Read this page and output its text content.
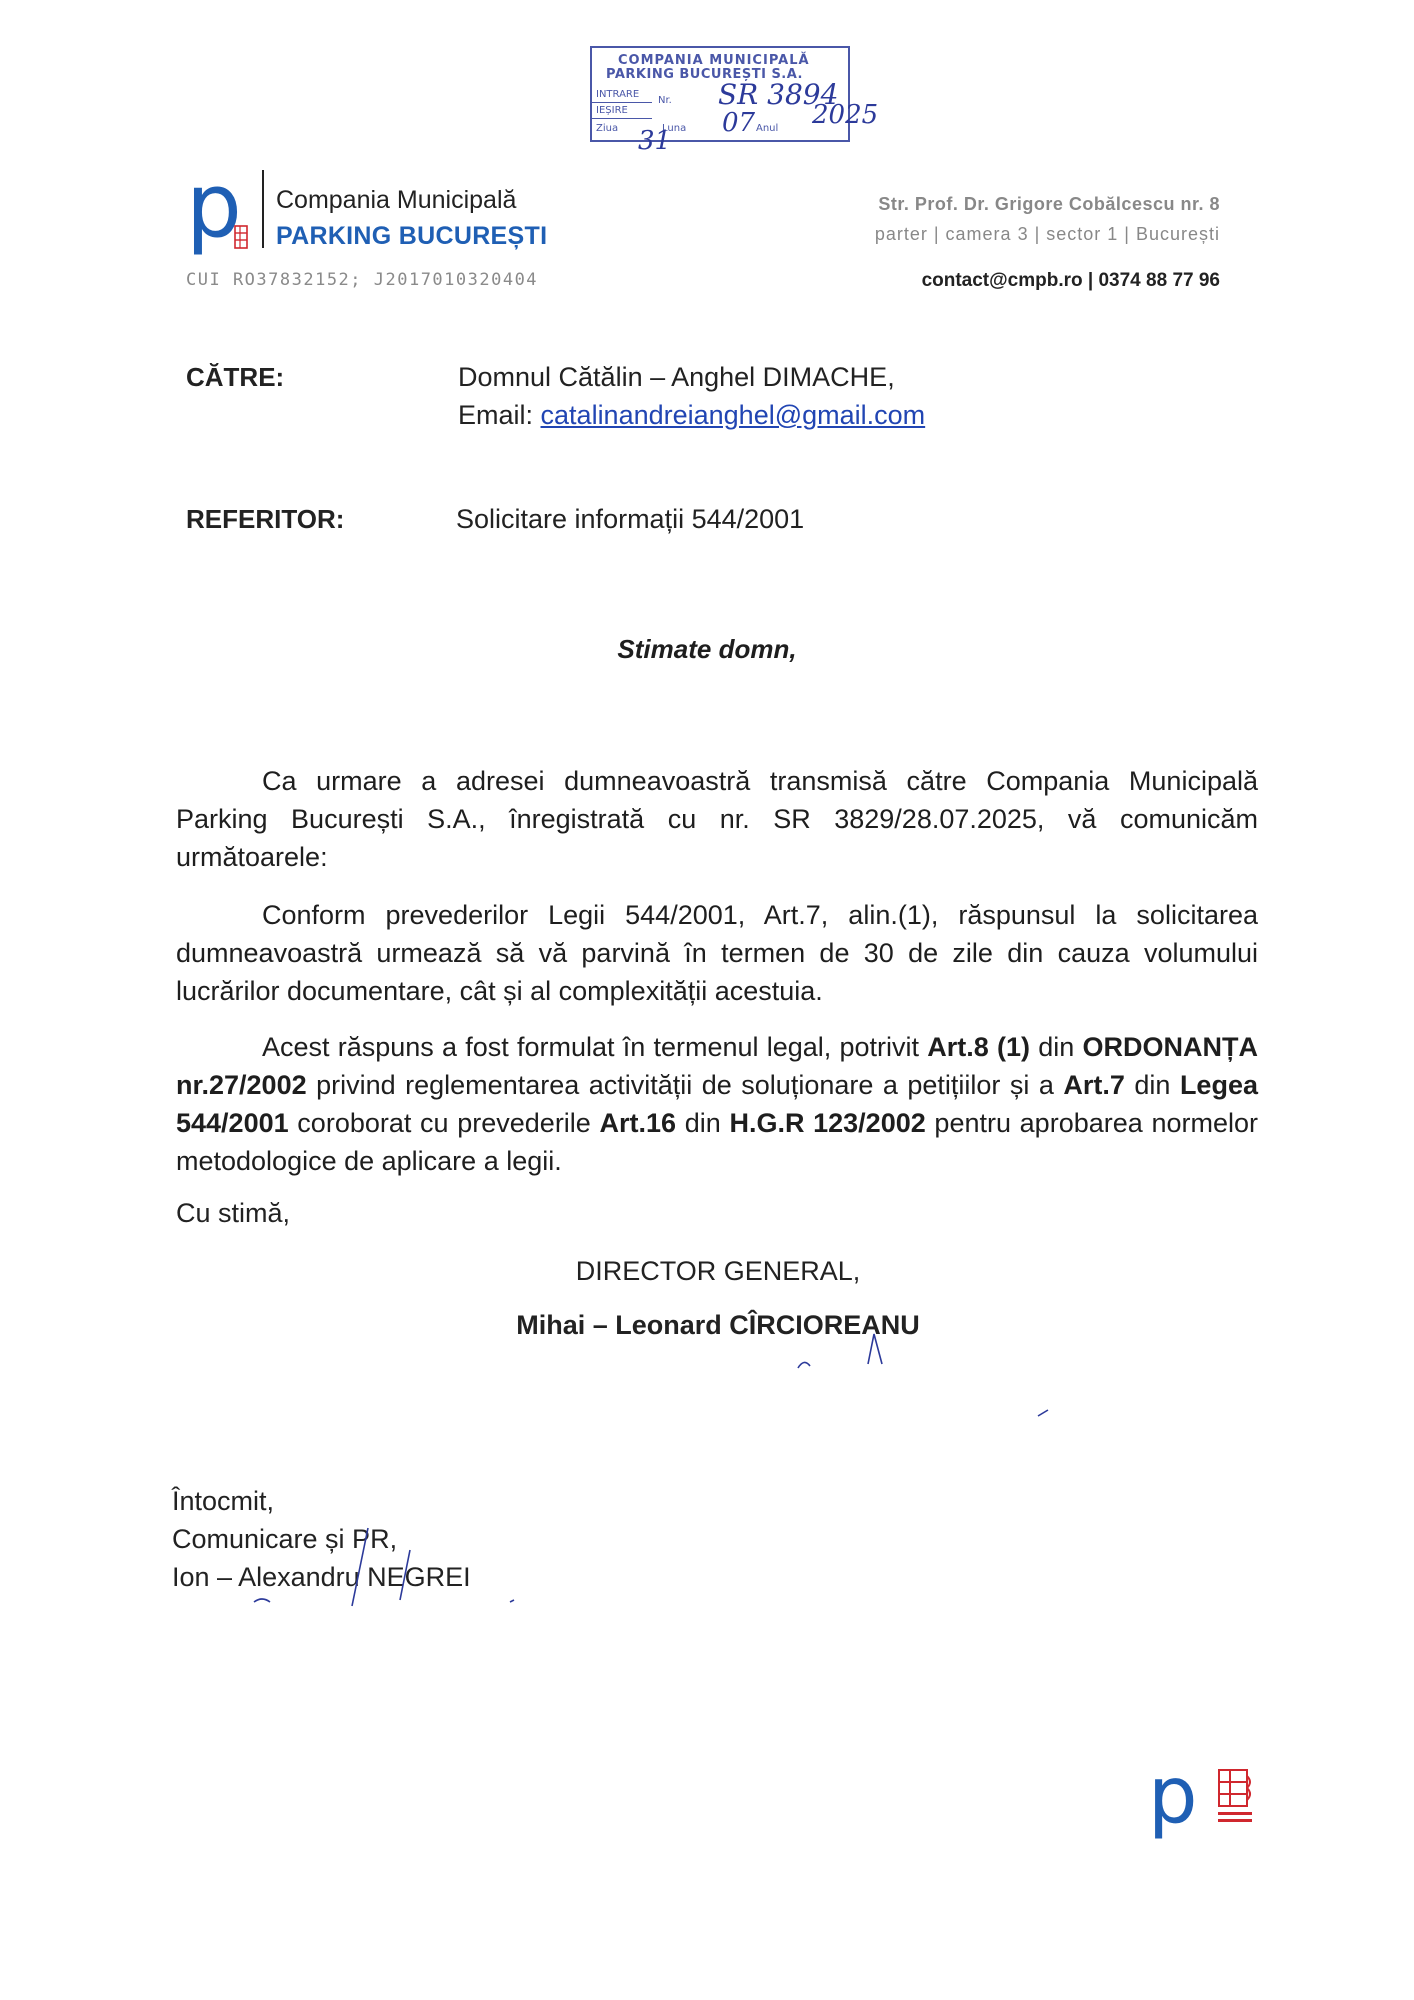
COMPANIA MUNICIPALĂ
PARKING BUCUREȘTI S.A.
INTRARE
Nr.
IEȘIRE
Ziua	Luna	Anul
SR 3894
31
07 2025
p Compania Municipală
PARKING BUCUREȘTI
CUI RO37832152; J2017010320404
Str. Prof. Dr. Grigore Cobălcescu nr. 8
parter | camera 3 | sector 1 | București
contact@cmpb.ro | 0374 88 77 96
CĂTRE:	Domnul Cătălin – Anghel DIMACHE,
Email: catalinandreianghel@gmail.com
REFERITOR:	Solicitare informații 544/2001
Stimate domn,
Ca urmare a adresei dumneavoastră transmisă către Compania Municipală Parking București S.A., înregistrată cu nr. SR 3829/28.07.2025, vă comunicăm următoarele:
Conform prevederilor Legii 544/2001, Art.7, alin.(1), răspunsul la solicitarea dumneavoastră urmează să vă parvină în termen de 30 de zile din cauza volumului lucrărilor documentare, cât și al complexității acestuia.
Acest răspuns a fost formulat în termenul legal, potrivit Art.8 (1) din ORDONANȚA nr.27/2002 privind reglementarea activității de soluționare a petițiilor și a Art.7 din Legea 544/2001 coroborat cu prevederile Art.16 din H.G.R 123/2002 pentru aprobarea normelor metodologice de aplicare a legii.
Cu stimă,
DIRECTOR GENERAL,
Mihai – Leonard CÎRCIOREANU
Întocmit,
Comunicare și PR,
Ion – Alexandru NEGREI
p
